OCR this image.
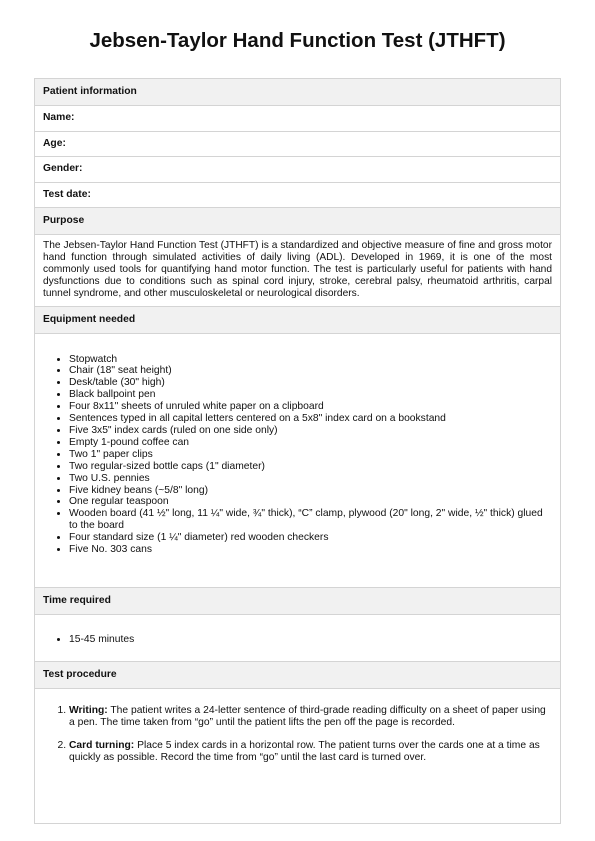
Jebsen-Taylor Hand Function Test (JTHFT)
Patient information
Name:
Age:
Gender:
Test date:
Purpose
The Jebsen-Taylor Hand Function Test (JTHFT) is a standardized and objective measure of fine and gross motor hand function through simulated activities of daily living (ADL). Developed in 1969, it is one of the most commonly used tools for quantifying hand motor function. The test is particularly useful for patients with hand dysfunctions due to conditions such as spinal cord injury, stroke, cerebral palsy, rheumatoid arthritis, carpal tunnel syndrome, and other musculoskeletal or neurological disorders.
Equipment needed
• Stopwatch
• Chair (18" seat height)
• Desk/table (30" high)
• Black ballpoint pen
• Four 8x11" sheets of unruled white paper on a clipboard
• Sentences typed in all capital letters centered on a 5x8" index card on a bookstand
• Five 3x5" index cards (ruled on one side only)
• Empty 1-pound coffee can
• Two 1" paper clips
• Two regular-sized bottle caps (1" diameter)
• Two U.S. pennies
• Five kidney beans (~5/8" long)
• One regular teaspoon
• Wooden board (41 ½" long, 11 ¼" wide, ¾" thick), “C” clamp, plywood (20" long, 2" wide, ½" thick) glued to the board
• Four standard size (1 ¼" diameter) red wooden checkers
• Five No. 303 cans
Time required
• 15-45 minutes
Test procedure
1. Writing: The patient writes a 24-letter sentence of third-grade reading difficulty on a sheet of paper using a pen. The time taken from “go” until the patient lifts the pen off the page is recorded.
2. Card turning: Place 5 index cards in a horizontal row. The patient turns over the cards one at a time as quickly as possible. Record the time from “go” until the last card is turned over.
